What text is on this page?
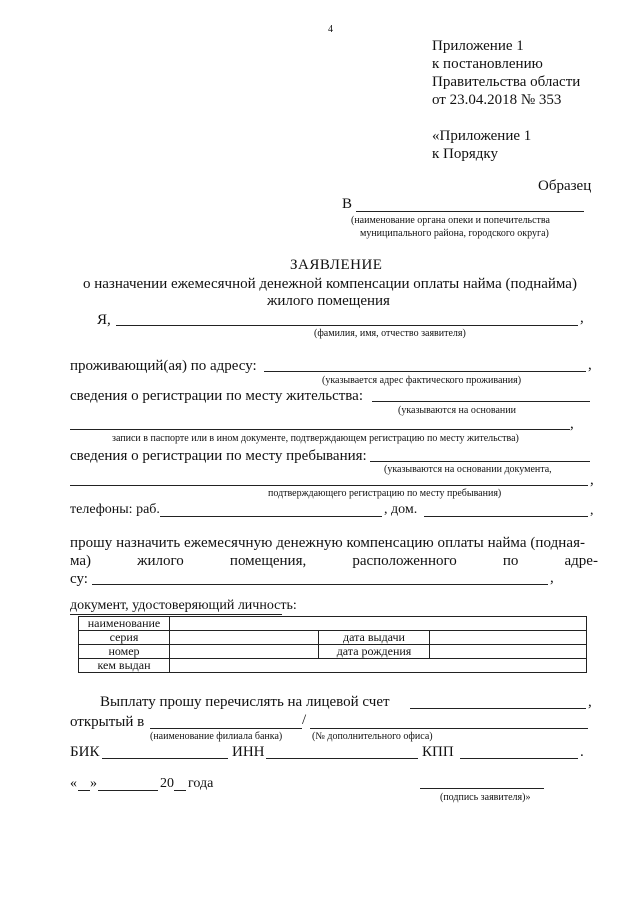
4
Приложение 1
к постановлению
Правительства области
от 23.04.2018 № 353
«Приложение 1
к Порядку
Образец
В
(наименование органа опеки и попечительства
муниципального района, городского округа)
ЗАЯВЛЕНИЕ
о назначении ежемесячной денежной компенсации оплаты найма (поднайма)
жилого помещения
Я,	,
(фамилия, имя, отчество заявителя)
проживающий(ая) по адресу:	,
(указывается адрес фактического проживания)
сведения о регистрации по месту жительства:
(указываются на основании
,
записи в паспорте или в ином документе, подтверждающем регистрацию по месту жительства)
сведения о регистрации по месту пребывания:
(указываются на основании документа,
,
подтверждающего регистрацию по месту пребывания)
телефоны: раб.	, дом.	,
прошу назначить ежемесячную денежную компенсацию оплаты найма (подная-
ма)	жилого	помещения,	расположенного	по	адре-
су:	,
документ, удостоверяющий личность:
наименование			
серия		дата выдачи	
номер		дата рождения	
кем выдан			
Выплату прошу перечислять на лицевой счет	,
открытый в	/
(наименование филиала банка)	(№ дополнительного офиса)
БИК	ИНН	КПП	.
« »	20 года
(подпись заявителя)»
